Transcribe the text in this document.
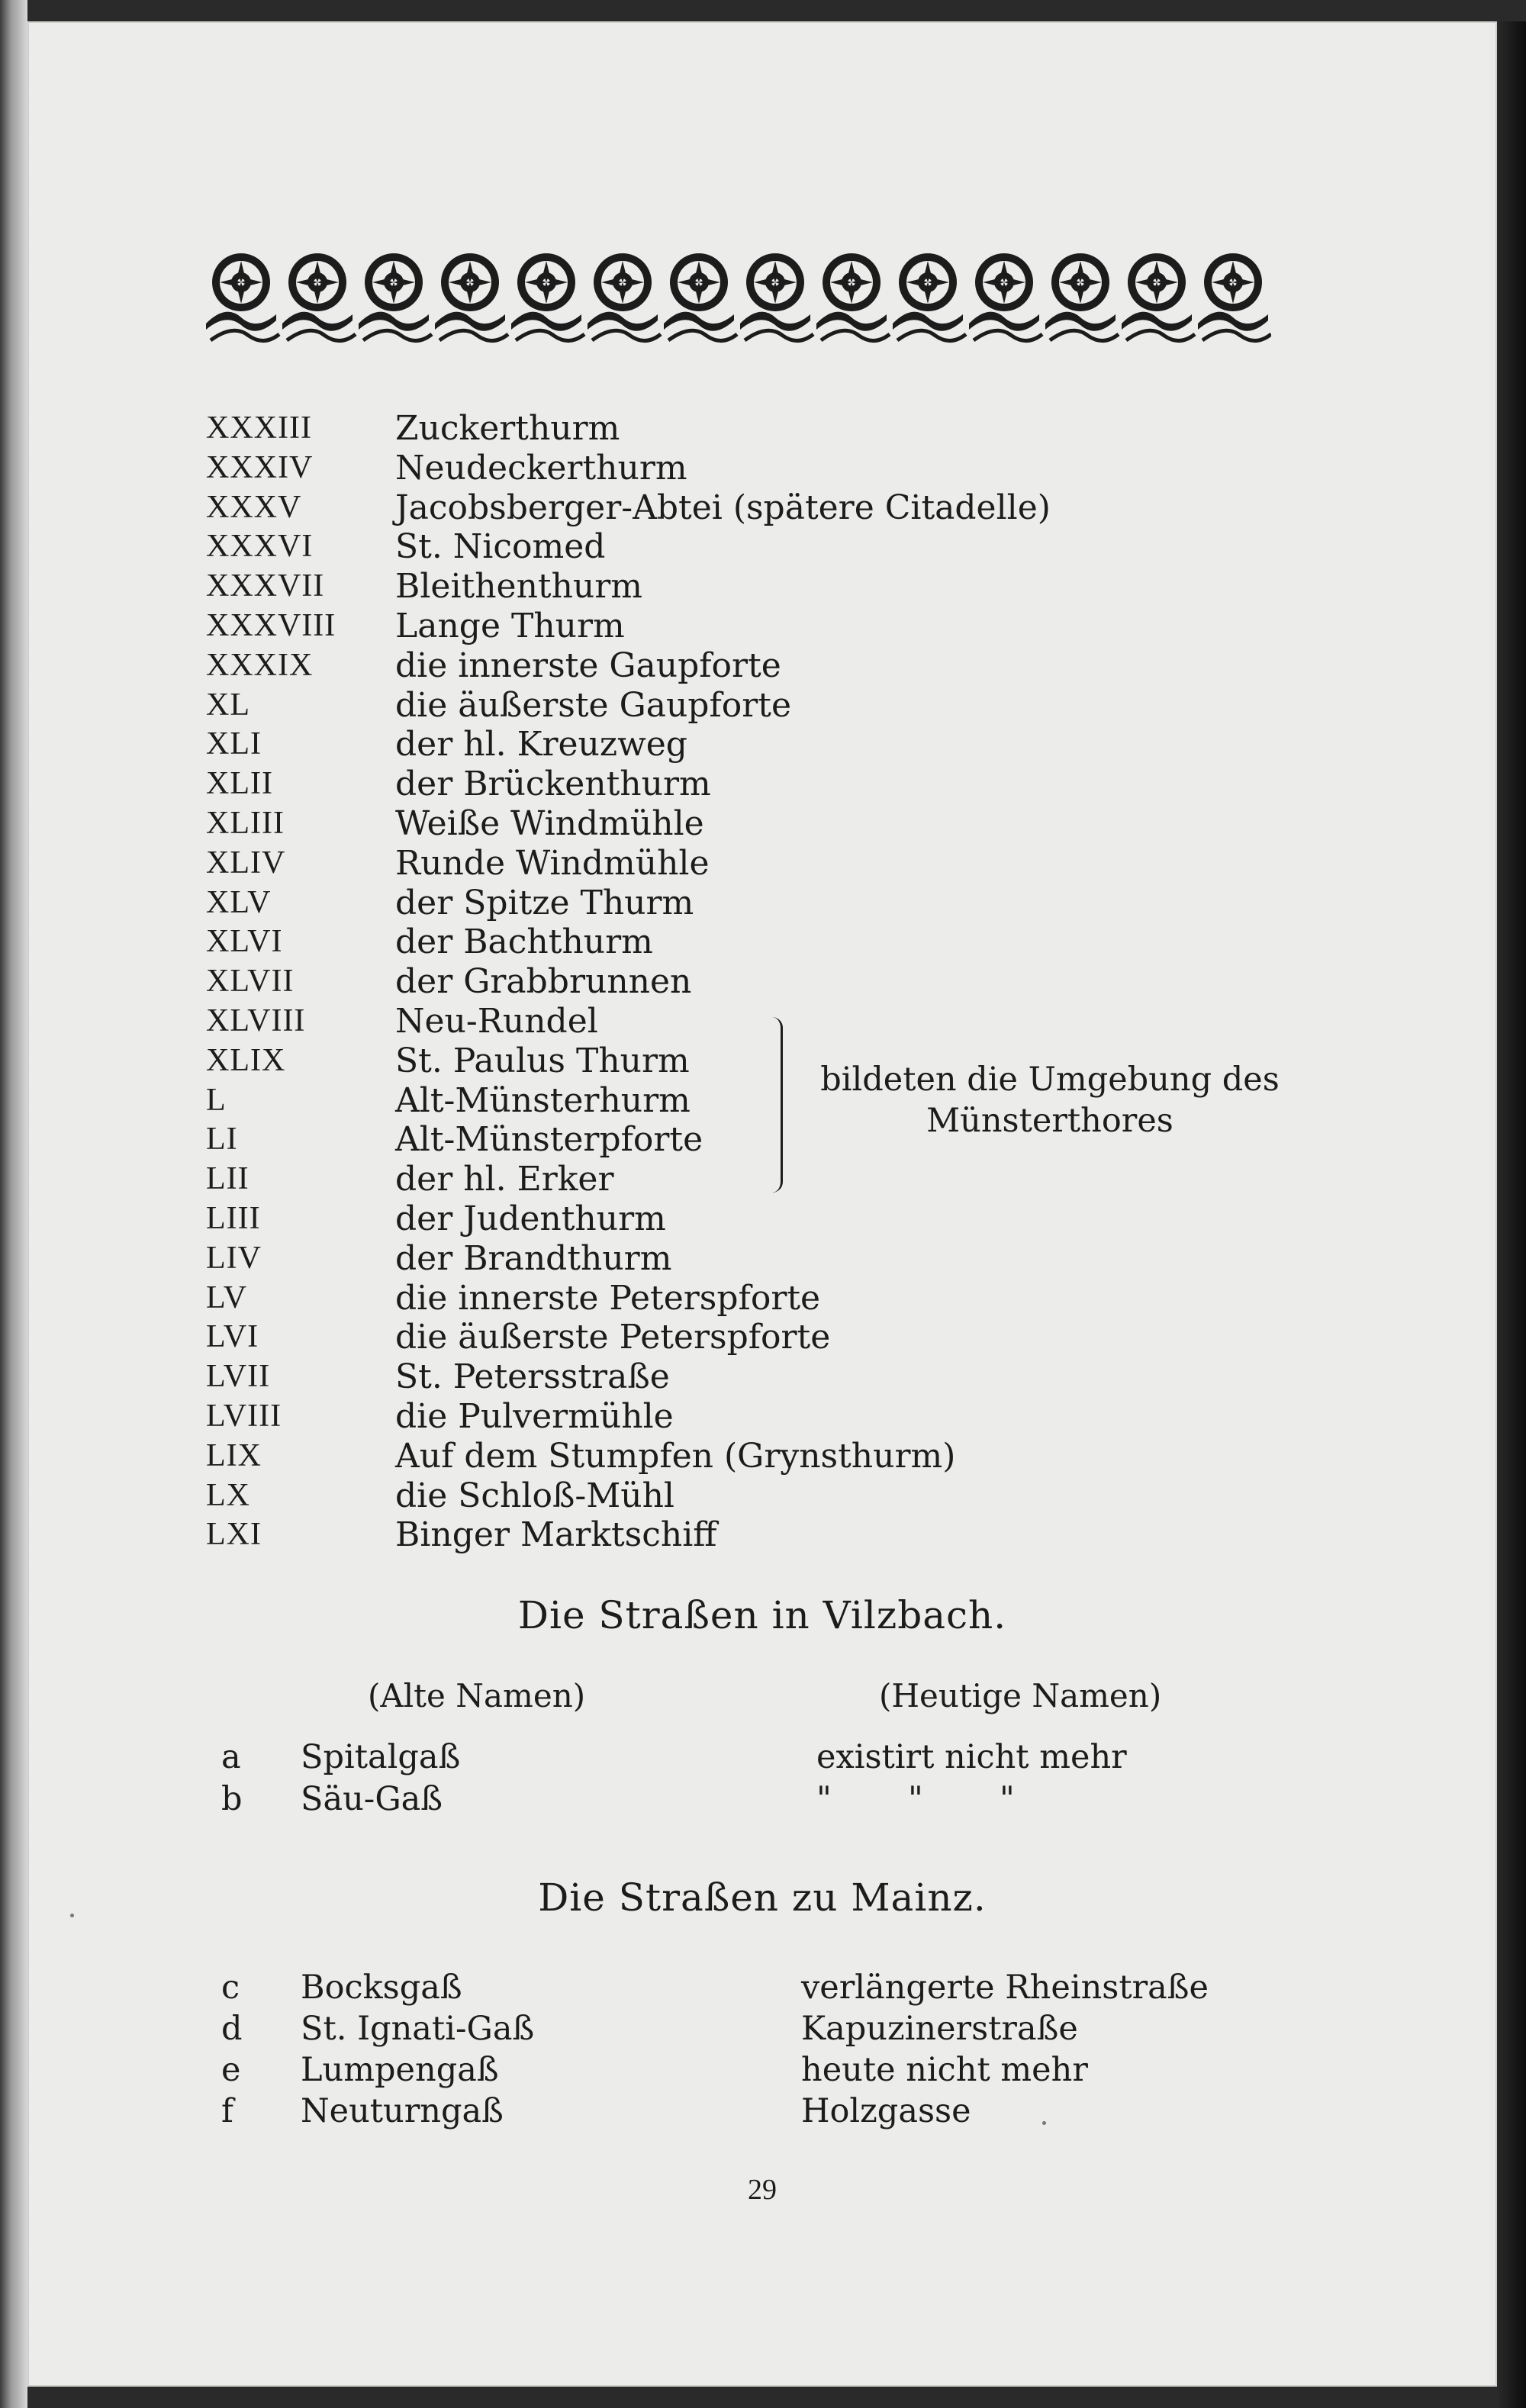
XXXIII	Zuckerthurm
XXXIV	Neudeckerthurm
XXXV	Jacobsberger-Abtei (spätere Citadelle)
XXXVI	St. Nicomed
XXXVII	Bleithenthurm
XXXVIII	Lange Thurm
XXXIX	die innerste Gaupforte
XL	die äußerste Gaupforte
XLI	der hl. Kreuzweg
XLII	der Brückenthurm
XLIII	Weiße Windmühle
XLIV	Runde Windmühle
XLV	der Spitze Thurm
XLVI	der Bachthurm
XLVII	der Grabbrunnen
XLVIII	Neu-Rundel
XLIX	St. Paulus Thurm
L	Alt-Münsterhurm
LI	Alt-Münsterpforte
LII	der hl. Erker
LIII	der Judenthurm
LIV	der Brandthurm
LV	die innerste Peterspforte
LVI	die äußerste Peterspforte
LVII	St. Petersstraße
LVIII	die Pulvermühle
LIX	Auf dem Stumpfen (Grynsthurm)
LX	die Schloß-Mühl
LXI	Binger Marktschiff
bildeten die Umgebung des
Münsterthores
Die Straßen in Vilzbach.
(Alte Namen)	(Heutige Namen)
a Spitalgaß	existirt nicht mehr
b Säu-Gaß	" " "
Die Straßen zu Mainz.
c Bocksgaß	verlängerte Rheinstraße
d St. Ignati-Gaß	Kapuzinerstraße
e Lumpengaß	heute nicht mehr
f Neuturngaß	Holzgasse
29
